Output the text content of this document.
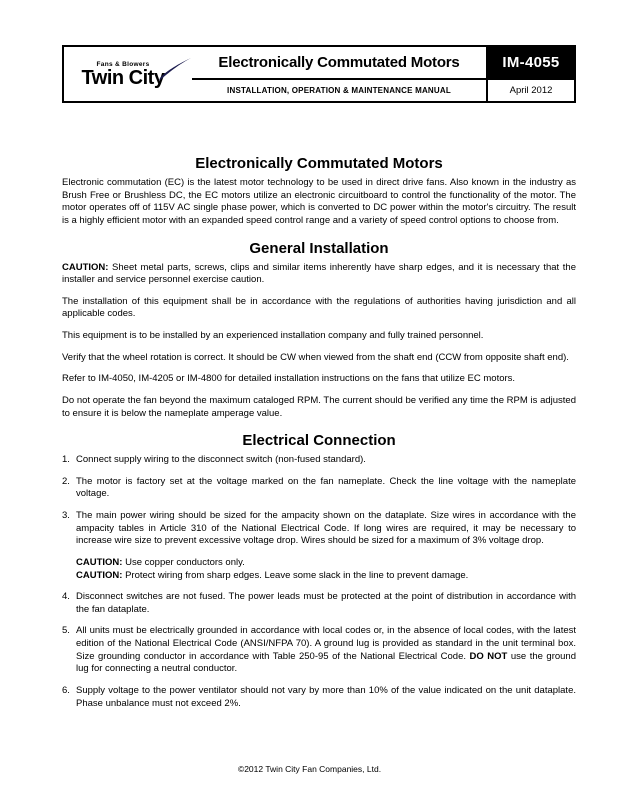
Fans & Blowers
Twin City
Electronically Commutated Motors	IM-4055
INSTALLATION, OPERATION & MAINTENANCE MANUAL	April 2012
Electronically Commutated Motors

Electronic commutation (EC) is the latest motor technology to be used in direct drive fans. Also known in the industry as Brush Free or Brushless DC, the EC motors utilize an electronic circuitboard to control the functionality of the motor. The motor operates off of 115V AC single phase power, which is converted to DC power within the motor's circuitry. The result is a highly efficient motor with an expanded speed control range and a variety of speed control options to choose from.

General Installation

CAUTION: Sheet metal parts, screws, clips and similar items inherently have sharp edges, and it is necessary that the installer and service personnel exercise caution.

The installation of this equipment shall be in accordance with the regulations of authorities having jurisdiction and all applicable codes.

This equipment is to be installed by an experienced installation company and fully trained personnel.

Verify that the wheel rotation is correct. It should be CW when viewed from the shaft end (CCW from opposite shaft end).

Refer to IM-4050, IM-4205 or IM-4800 for detailed installation instructions on the fans that utilize EC motors.

Do not operate the fan beyond the maximum cataloged RPM. The current should be verified any time the RPM is adjusted to ensure it is below the nameplate amperage value.

Electrical Connection
1. Connect supply wiring to the disconnect switch (non-fused standard).
2. The motor is factory set at the voltage marked on the fan nameplate. Check the line voltage with the nameplate voltage.
3. The main power wiring should be sized for the ampacity shown on the dataplate. Size wires in accordance with the ampacity tables in Article 310 of the National Electrical Code. If long wires are required, it may be necessary to increase wire size to prevent excessive voltage drop. Wires should be sized for a maximum of 3% voltage drop.
CAUTION: Use copper conductors only.
CAUTION: Protect wiring from sharp edges. Leave some slack in the line to prevent damage.
4. Disconnect switches are not fused. The power leads must be protected at the point of distribution in accordance with the fan dataplate.
5. All units must be electrically grounded in accordance with local codes or, in the absence of local codes, with the latest edition of the National Electrical Code (ANSI/NFPA 70). A ground lug is provided as standard in the unit terminal box. Size grounding conductor in accordance with Table 250-95 of the National Electrical Code. DO NOT use the ground lug for connecting a neutral conductor.
6. Supply voltage to the power ventilator should not vary by more than 10% of the value indicated on the unit dataplate. Phase unbalance must not exceed 2%.
©2012 Twin City Fan Companies, Ltd.
